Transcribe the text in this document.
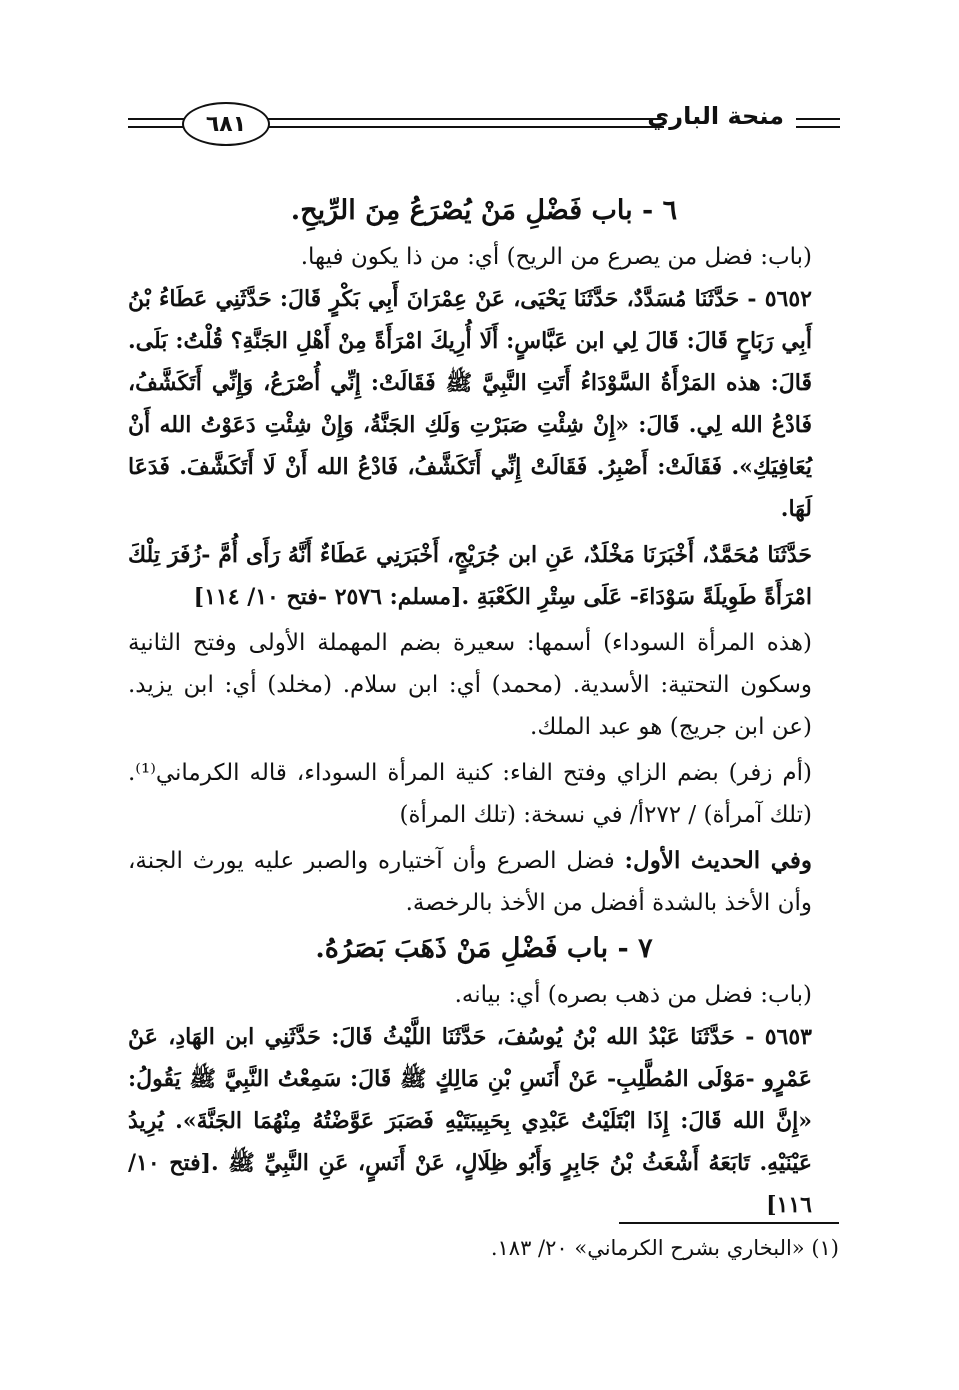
٦٨١	منحة الباري
٦ - باب فَضْلِ مَنْ يُصْرَعُ مِنَ الرِّيحِ.

(باب: فضل من يصرع من الريح) أي: من ذا يكون فيها.

٥٦٥٢ - حَدَّثَنَا مُسَدَّدٌ، حَدَّثَنَا يَحْيَى، عَنْ عِمْرَانَ أَبِي بَكْرٍ قَالَ: حَدَّثَنِي عَطَاءُ بْنُ أَبِي رَبَاحٍ قَالَ: قَالَ لِي ابن عَبَّاسٍ: أَلَا أُرِيكَ امْرَأَةً مِنْ أَهْلِ الجَنَّةِ؟ قُلْتُ: بَلَى. قَالَ: هذه المَرْأَةُ السَّوْدَاءُ أَتَتِ النَّبِيَّ ﷺ فَقَالَتْ: إِنِّي أُصْرَعُ، وَإِنِّي أَتَكَشَّفُ، فَادْعُ الله لِي. قَالَ: «إِنْ شِئْتِ صَبَرْتِ وَلَكِ الجَنَّةُ، وَإِنْ شِئْتِ دَعَوْتُ الله أَنْ يُعَافِيَكِ». فَقَالَتْ: أَصْبِرُ. فَقَالَتْ إِنِّي أَتَكَشَّفُ، فَادْعُ الله أَنْ لَا أَتَكَشَّفَ. فَدَعَا لَهَا.

حَدَّثَنَا مُحَمَّدٌ، أَخْبَرَنَا مَخْلَدٌ، عَنِ ابن جُرَيْجٍ، أَخْبَرَنِي عَطَاءٌ أَنَّهُ رَأَى أُمَّ -زُفَرَ تِلْكَ امْرَأَةً طَوِيلَةً سَوْدَاءَ- عَلَى سِتْرِ الكَعْبَةِ .[مسلم: ٢٥٧٦ -فتح ١٠/ ١١٤]

(هذه المرأة السوداء) أسمها: سعيرة بضم المهملة الأولى وفتح الثانية وسكون التحتية: الأسدية. (محمد) أي: ابن سلام. (مخلد) أي: ابن يزيد. (عن ابن جريج) هو عبد الملك.

(أم زفر) بضم الزاي وفتح الفاء: كنية المرأة السوداء، قاله الكرماني⁽¹⁾. (تلك آمرأة) / ٢٧٢أ/ في نسخة: (تلك المرأة)

وفي الحديث الأول: فضل الصرع وأن آختياره والصبر عليه يورث الجنة، وأن الأخذ بالشدة أفضل من الأخذ بالرخصة.

٧ - باب فَضْلِ مَنْ ذَهَبَ بَصَرُهُ.

(باب: فضل من ذهب بصره) أي: بيانه.

٥٦٥٣ - حَدَّثَنَا عَبْدُ الله بْنُ يُوسُفَ، حَدَّثَنَا اللَّيْثُ قَالَ: حَدَّثَنِي ابن الهَادِ، عَنْ عَمْرٍو -مَوْلَى المُطَّلِبِ- عَنْ أَنَسِ بْنِ مَالِكٍ ﷺ قَالَ: سَمِعْتُ النَّبِيَّ ﷺ يَقُولُ: «إِنَّ الله قَالَ: إِذَا ابْتَلَيْتُ عَبْدِي بِحَبِيبَتَيْهِ فَصَبَرَ عَوَّضْتُهُ مِنْهُمَا الجَنَّةَ». يُرِيدُ عَيْنَيْهِ. تَابَعَهُ أَشْعَثُ بْنُ جَابِرٍ وَأَبُو ظِلَالٍ، عَنْ أَنَسٍ، عَنِ النَّبِيِّ ﷺ .[فتح ١٠/ ١١٦]

(١) «البخاري بشرح الكرماني» ٢٠/ ١٨٣.
